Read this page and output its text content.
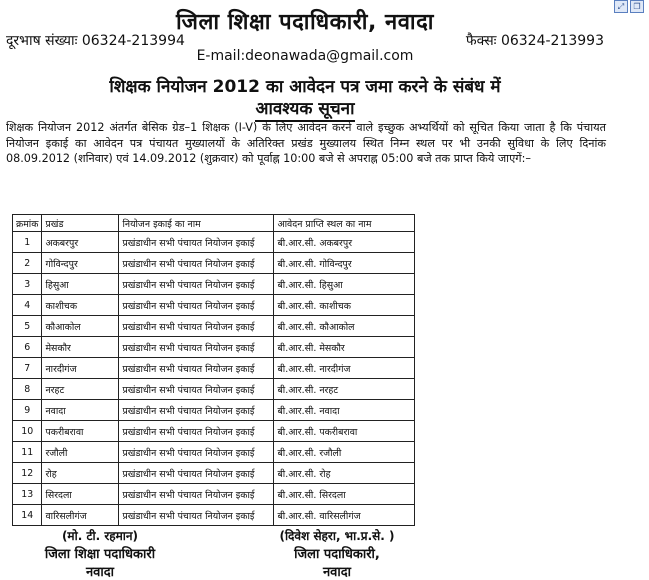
जिला शिक्षा पदाधिकारी, नवादा
दूरभाष संख्याः 06324-213994	फैक्सः 06324-213993
E-mail:deonawada@gmail.com
शिक्षक नियोजन 2012 का आवेदन पत्र जमा करने के संबंध में
आवश्यक सूचना
शिक्षक नियोजन 2012 अंतर्गत बेसिक ग्रेड–1 शिक्षक (I-V) के लिए आवेदन करने वाले इच्छुक अभ्यर्थियों को सूचित किया जाता है कि पंचायत नियोजन इकाई का आवेदन पत्र पंचायत मुख्यालयों के अतिरिक्त प्रखंड मुख्यालय स्थित निम्न स्थल पर भी उनकी सुविधा के लिए दिनांक 08.09.2012 (शनिवार) एवं 14.09.2012 (शुक्रवार) को पूर्वाह्न 10:00 बजे से अपराह्न 05:00 बजे तक प्राप्त किये जाएगें:–
क्रमांक	प्रखंड	नियोजन इकाई का नाम	आवेदन प्राप्ति स्थल का नाम
1	अकबरपुर	प्रखंडाधीन सभी पंचायत नियोजन इकाई	बी.आर.सी. अकबरपुर
2	गोविन्दपुर	प्रखंडाधीन सभी पंचायत नियोजन इकाई	बी.आर.सी. गोविन्दपुर
3	हिसुआ	प्रखंडाधीन सभी पंचायत नियोजन इकाई	बी.आर.सी. हिसुआ
4	काशीचक	प्रखंडाधीन सभी पंचायत नियोजन इकाई	बी.आर.सी. काशीचक
5	कौआकोल	प्रखंडाधीन सभी पंचायत नियोजन इकाई	बी.आर.सी. कौआकोल
6	मेसकौर	प्रखंडाधीन सभी पंचायत नियोजन इकाई	बी.आर.सी. मेसकौर
7	नारदीगंज	प्रखंडाधीन सभी पंचायत नियोजन इकाई	बी.आर.सी. नारदीगंज
8	नरहट	प्रखंडाधीन सभी पंचायत नियोजन इकाई	बी.आर.सी. नरहट
9	नवादा	प्रखंडाधीन सभी पंचायत नियोजन इकाई	बी.आर.सी. नवादा
10	पकरीबरावा	प्रखंडाधीन सभी पंचायत नियोजन इकाई	बी.आर.सी. पकरीबरावा
11	रजौली	प्रखंडाधीन सभी पंचायत नियोजन इकाई	बी.आर.सी. रजौली
12	रोह	प्रखंडाधीन सभी पंचायत नियोजन इकाई	बी.आर.सी. रोह
13	सिरदला	प्रखंडाधीन सभी पंचायत नियोजन इकाई	बी.आर.सी. सिरदला
14	वारिसलीगंज	प्रखंडाधीन सभी पंचायत नियोजन इकाई	बी.आर.सी. वारिसलीगंज
(मो. टी. रहमान)
जिला शिक्षा पदाधिकारी
नवादा
(दिवेश सेहरा, भा.प्र.से. )
जिला पदाधिकारी,
नवादा
⤢	❐
